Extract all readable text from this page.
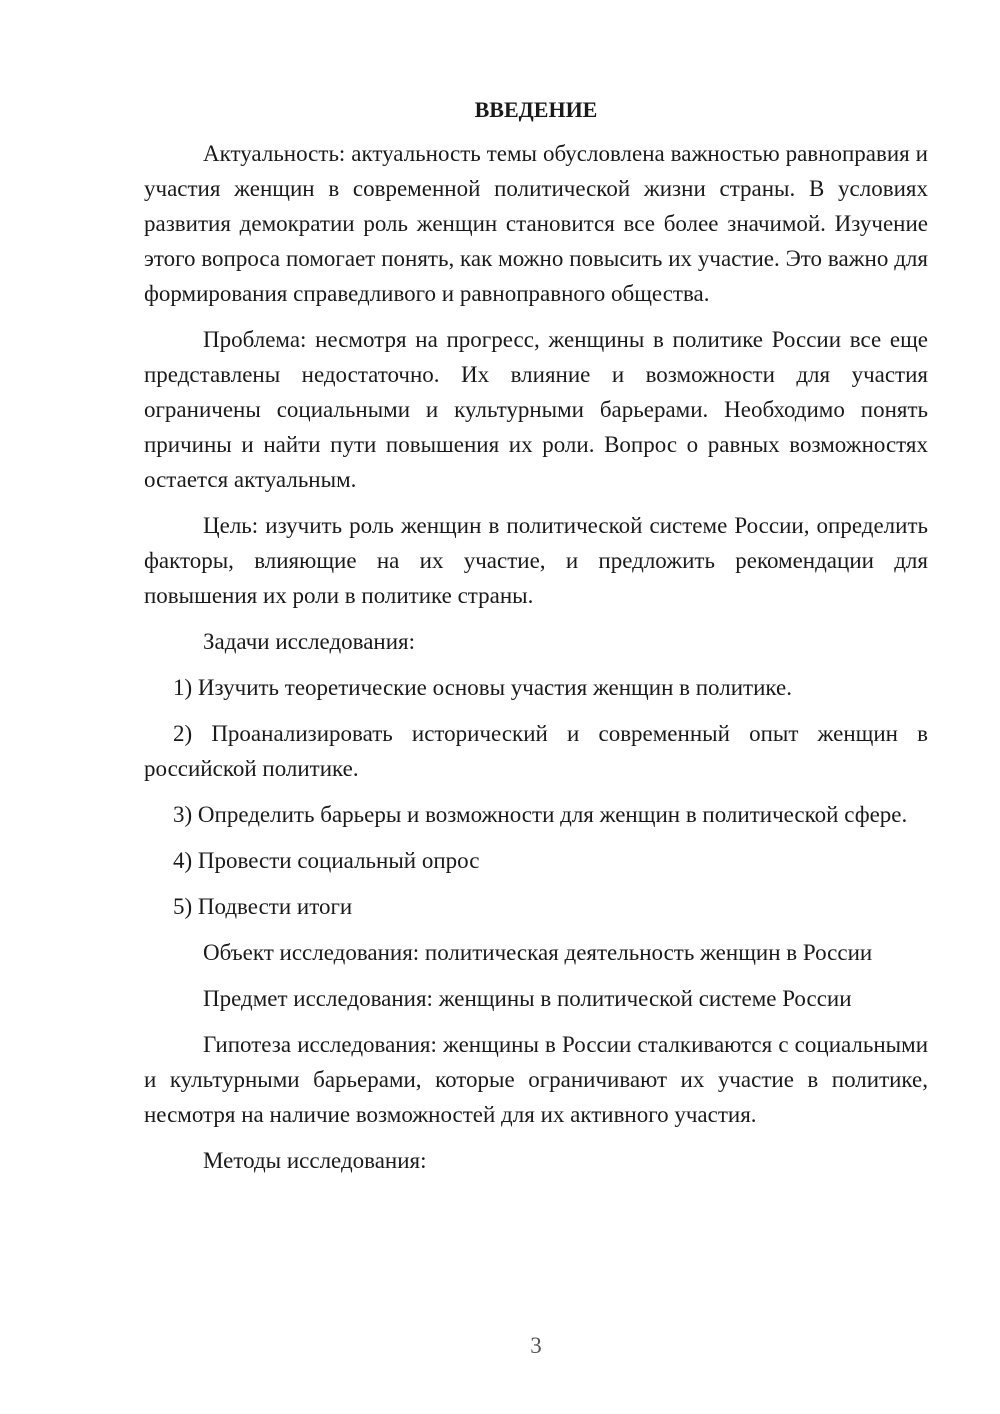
ВВЕДЕНИЕ

Актуальность: актуальность темы обусловлена важностью равноправия и участия женщин в современной политической жизни страны. В условиях развития демократии роль женщин становится все более значимой. Изучение этого вопроса помогает понять, как можно повысить их участие. Это важно для формирования справедливого и равноправного общества.

Проблема: несмотря на прогресс, женщины в политике России все еще представлены недостаточно. Их влияние и возможности для участия ограничены социальными и культурными барьерами. Необходимо понять причины и найти пути повышения их роли. Вопрос о равных возможностях остается актуальным.

Цель: изучить роль женщин в политической системе России, определить факторы, влияющие на их участие, и предложить рекомендации для повышения их роли в политике страны.

Задачи исследования:

1) Изучить теоретические основы участия женщин в политике.

2) Проанализировать исторический и современный опыт женщин в российской политике.

3) Определить барьеры и возможности для женщин в политической сфере.

4) Провести социальный опрос

5) Подвести итоги

Объект исследования: политическая деятельность женщин в России

Предмет исследования: женщины в политической системе России

Гипотеза исследования: женщины в России сталкиваются с социальными и культурными барьерами, которые ограничивают их участие в политике, несмотря на наличие возможностей для их активного участия.

Методы исследования:

3
